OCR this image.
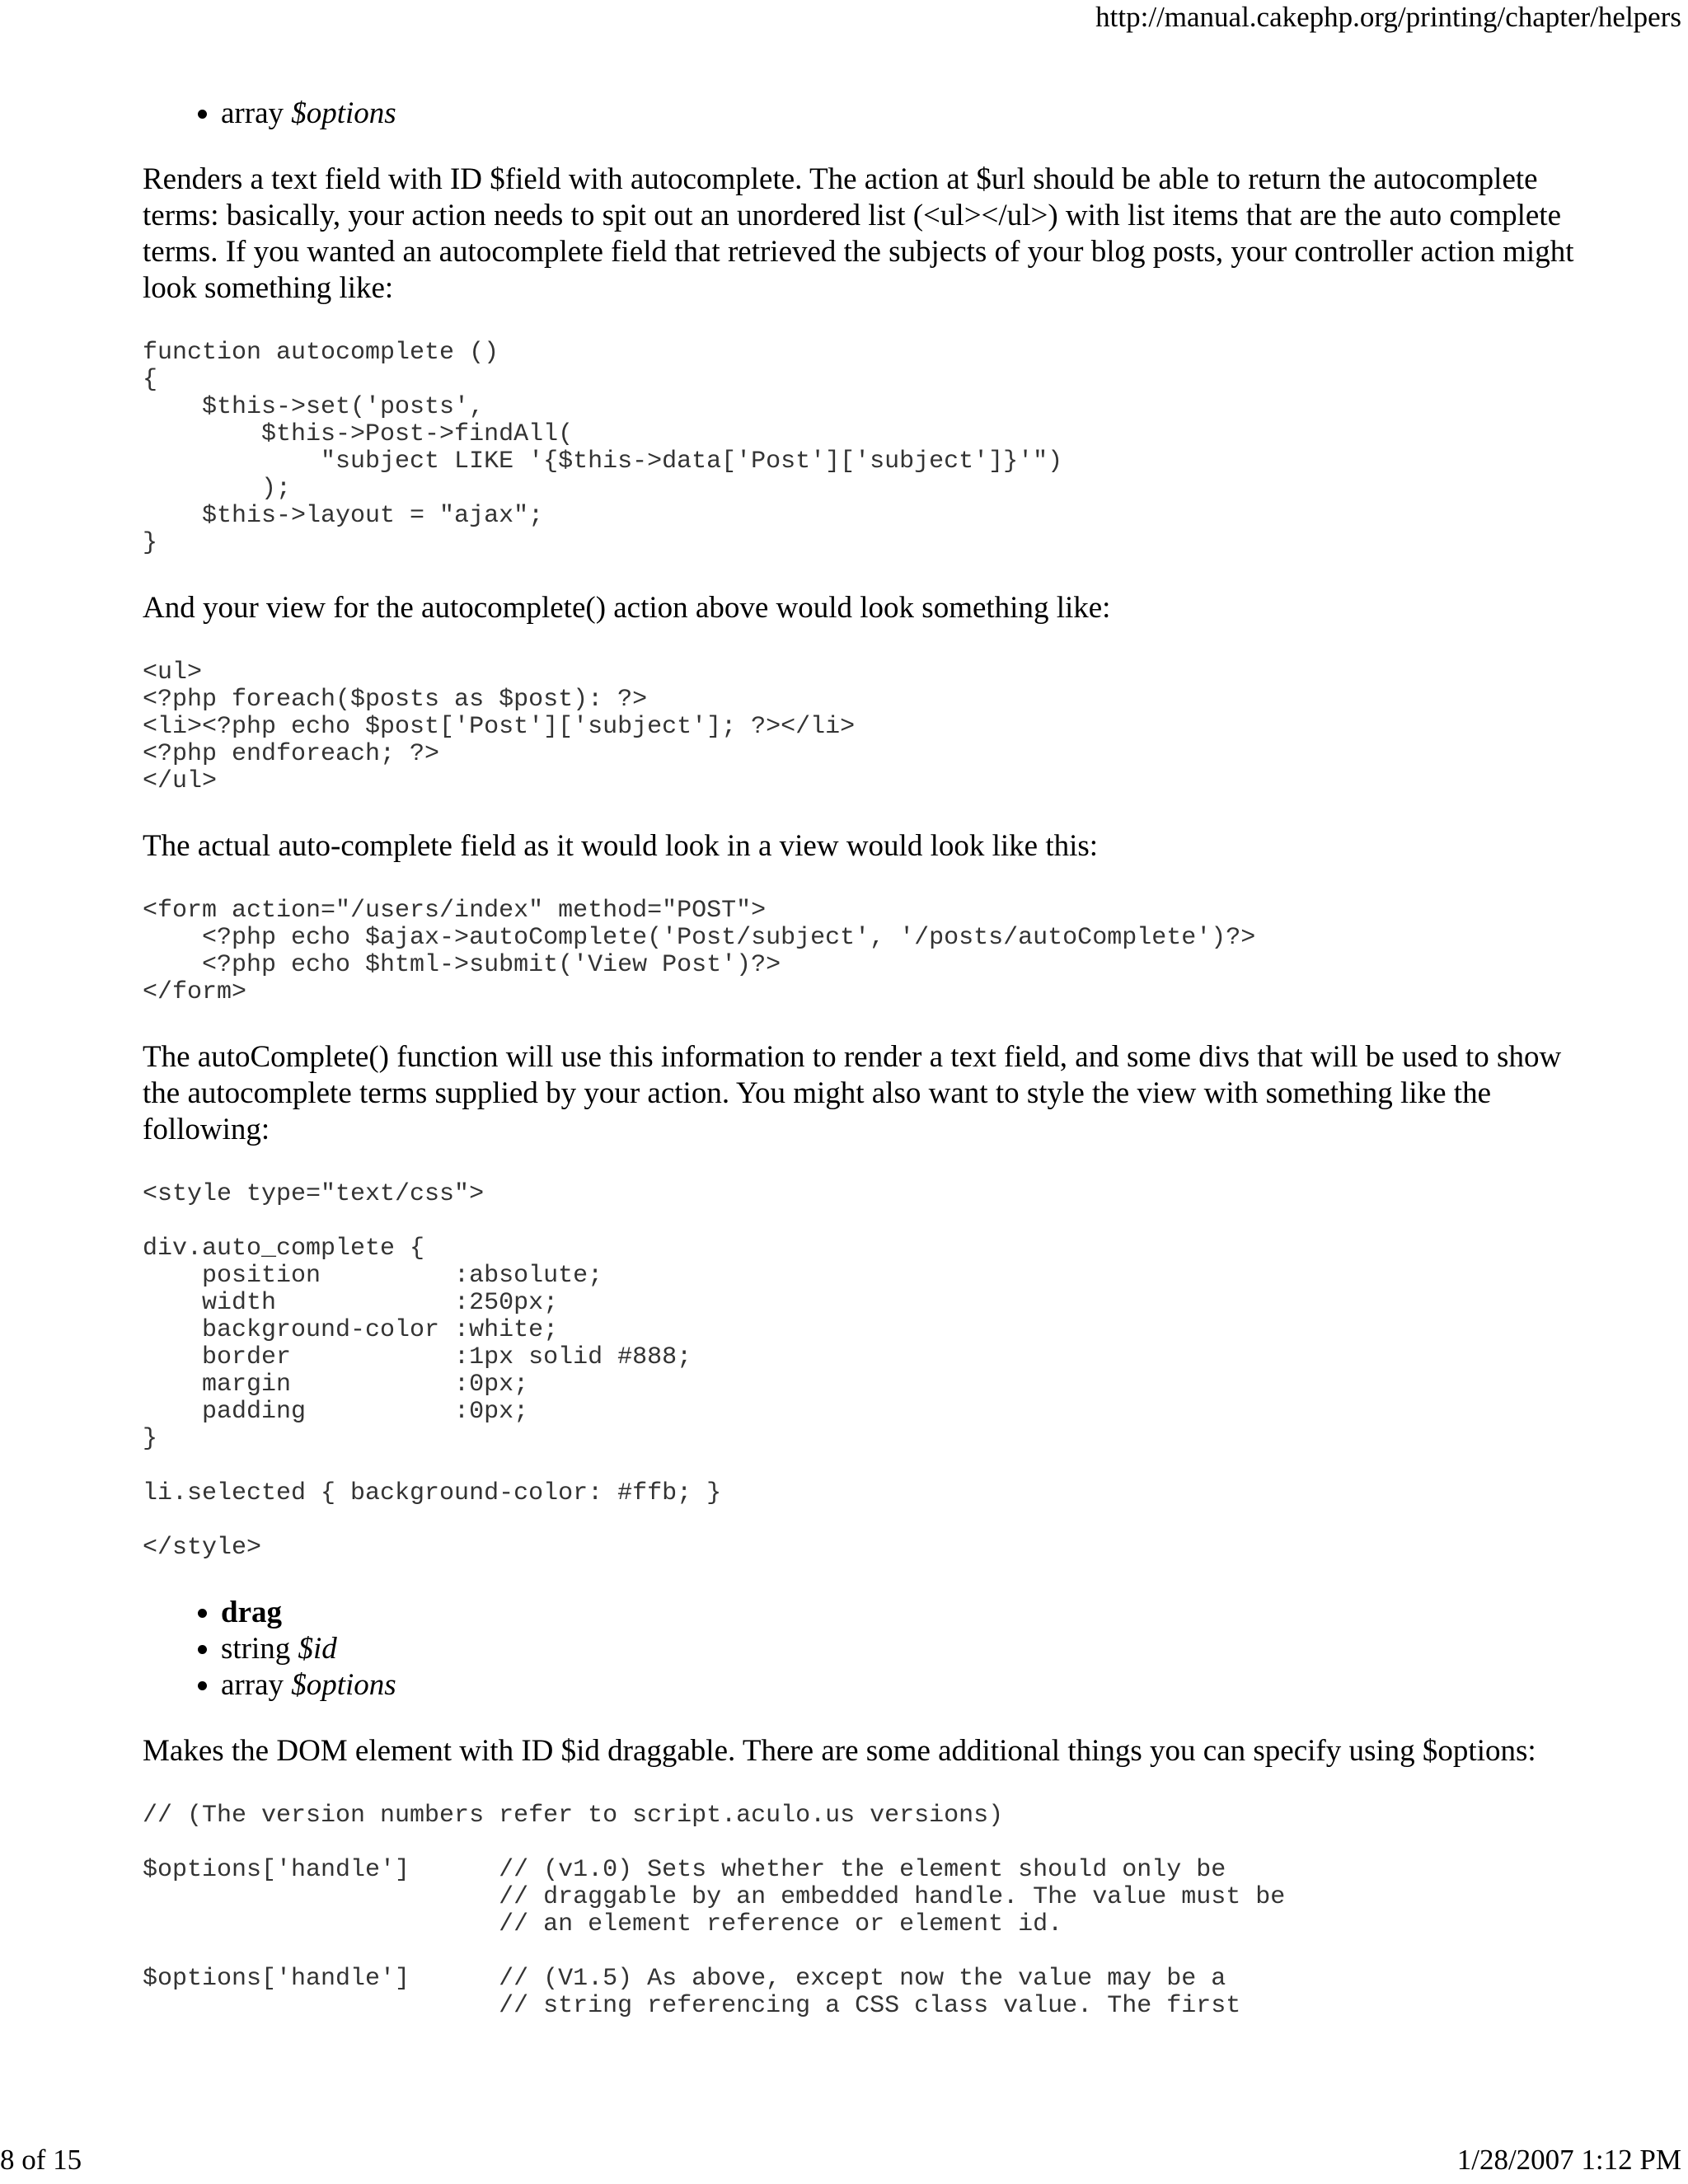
http://manual.cakephp.org/printing/chapter/helpers
• array $options

Renders a text field with ID $field with autocomplete. The action at $url should be able to return the autocomplete terms: basically, your action needs to spit out an unordered list (<ul></ul>) with list items that are the auto complete terms. If you wanted an autocomplete field that retrieved the subjects of your blog posts, your controller action might look something like:

function autocomplete ()
{
$this->set('posts',
$this->Post->findAll(
"subject LIKE '{$this->data['Post']['subject']}'")
);
$this->layout = "ajax";
}

And your view for the autocomplete() action above would look something like:

<ul>
<?php foreach($posts as $post): ?>
<li><?php echo $post['Post']['subject']; ?></li>
<?php endforeach; ?>
</ul>

The actual auto-complete field as it would look in a view would look like this:

<form action="/users/index" method="POST">
<?php echo $ajax->autoComplete('Post/subject', '/posts/autoComplete')?>
<?php echo $html->submit('View Post')?>
</form>

The autoComplete() function will use this information to render a text field, and some divs that will be used to show the autocomplete terms supplied by your action. You might also want to style the view with something like the following:

<style type="text/css">

div.auto_complete {
position         :absolute;
width            :250px;
background-color :white;
border           :1px solid #888;
margin           :0px;
padding          :0px;
}

li.selected { background-color: #ffb; }

</style>
• drag
• string $id
• array $options

Makes the DOM element with ID $id draggable. There are some additional things you can specify using $options:

// (The version numbers refer to script.aculo.us versions)

$options['handle']      // (v1.0) Sets whether the element should only be
// draggable by an embedded handle. The value must be
// an element reference or element id.

$options['handle']      // (V1.5) As above, except now the value may be a
// string referencing a CSS class value. The first
8 of 15	1/28/2007 1:12 PM
